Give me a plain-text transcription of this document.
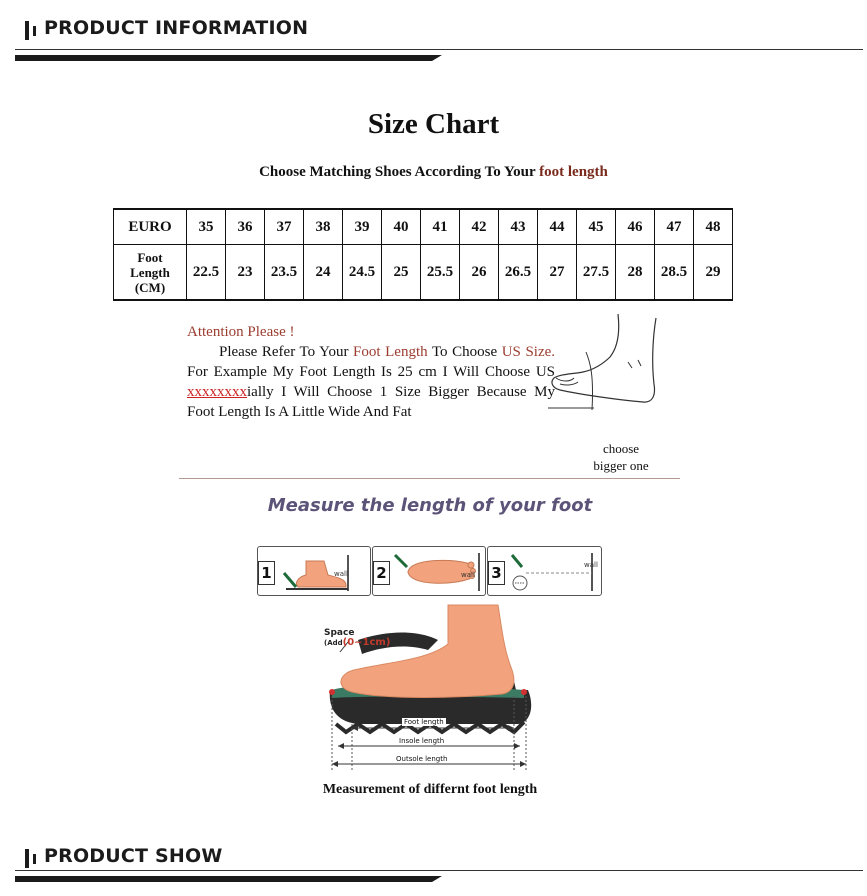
PRODUCT INFORMATION
Size Chart
Choose Matching Shoes According To Your foot length
EURO	35	36	37	38	39	40	41	42	43	44	45	46	47	48

Foot
Length
(CM)	22.5	23	23.5	24	24.5	25	25.5	26	26.5	27	27.5	28	28.5	29
Attention Please !
Please Refer To Your Foot Length To Choose US Size. For Example My Foot Length Is 25 cm I Will Choose US xxxxxxxxially I Will Choose 1 Size Bigger Because My Foot Length Is A Little Wide And Fat
choose
bigger one
Measure the length of your foot
1	wall 2	wall 3	wall
Space
(Add(0~1cm)
Foot length
Insole length
Outsole length
Measurement of differnt foot length
PRODUCT SHOW
